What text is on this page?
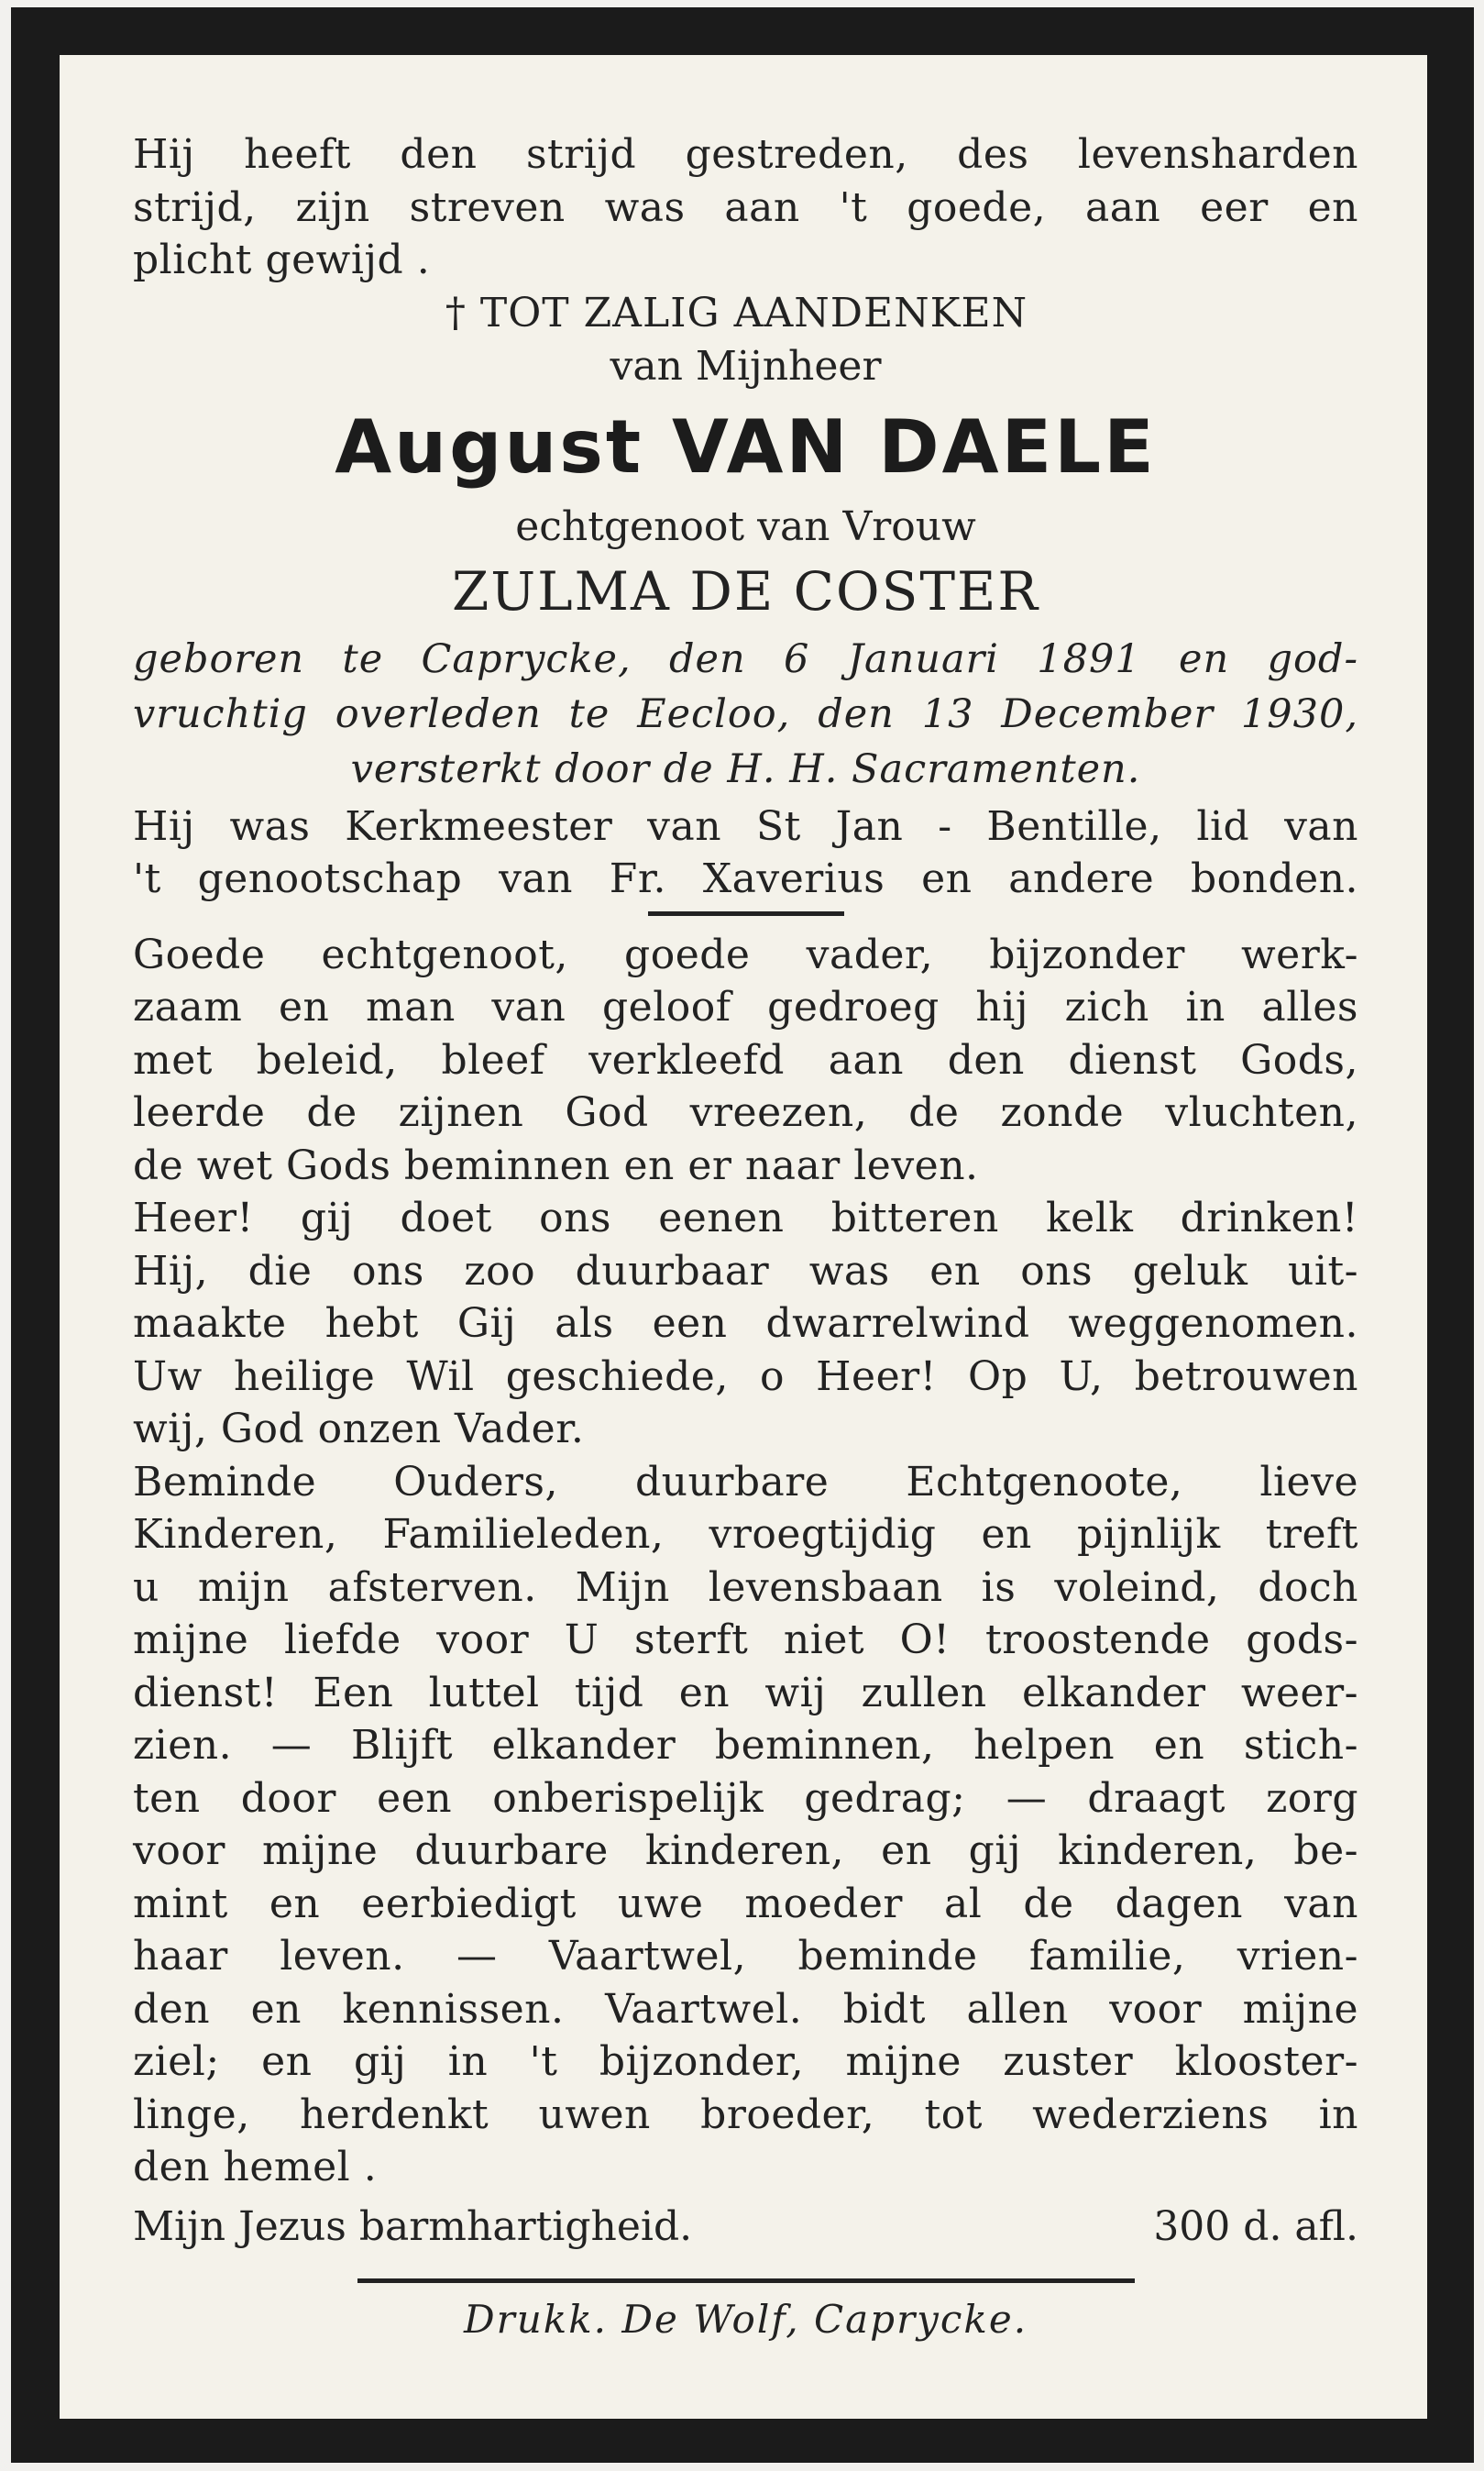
Hij heeft den strijd gestreden, des levensharden
strijd, zijn streven was aan 't goede, aan eer en
plicht gewijd .
† TOT ZALIG AANDENKEN
van Mijnheer
August VAN DAELE
echtgenoot van Vrouw
ZULMA DE COSTER
geboren te Caprycke, den 6 Januari 1891 en god-
vruchtig overleden te Eecloo, den 13 December 1930,
versterkt door de H. H. Sacramenten.
Hij was Kerkmeester van St Jan - Bentille, lid van
't genootschap van Fr. Xaverius en andere bonden.
Goede echtgenoot, goede vader, bijzonder werk-
zaam en man van geloof gedroeg hij zich in alles
met beleid, bleef verkleefd aan den dienst Gods,
leerde de zijnen God vreezen, de zonde vluchten,
de wet Gods beminnen en er naar leven.
Heer! gij doet ons eenen bitteren kelk drinken!
Hij, die ons zoo duurbaar was en ons geluk uit-
maakte hebt Gij als een dwarrelwind weggenomen.
Uw heilige Wil geschiede, o Heer! Op U, betrouwen
wij, God onzen Vader.
Beminde Ouders, duurbare Echtgenoote, lieve
Kinderen, Familieleden, vroegtijdig en pijnlijk treft
u mijn afsterven. Mijn levensbaan is voleind, doch
mijne liefde voor U sterft niet O! troostende gods-
dienst! Een luttel tijd en wij zullen elkander weer-
zien. — Blijft elkander beminnen, helpen en stich-
ten door een onberispelijk gedrag; — draagt zorg
voor mijne duurbare kinderen, en gij kinderen, be-
mint en eerbiedigt uwe moeder al de dagen van
haar leven. — Vaartwel, beminde familie, vrien-
den en kennissen. Vaartwel. bidt allen voor mijne
ziel; en gij in 't bijzonder, mijne zuster klooster-
linge, herdenkt uwen broeder, tot wederziens in
den hemel .
Mijn Jezus barmhartigheid.	300 d. afl.
Drukk. De Wolf, Caprycke.
